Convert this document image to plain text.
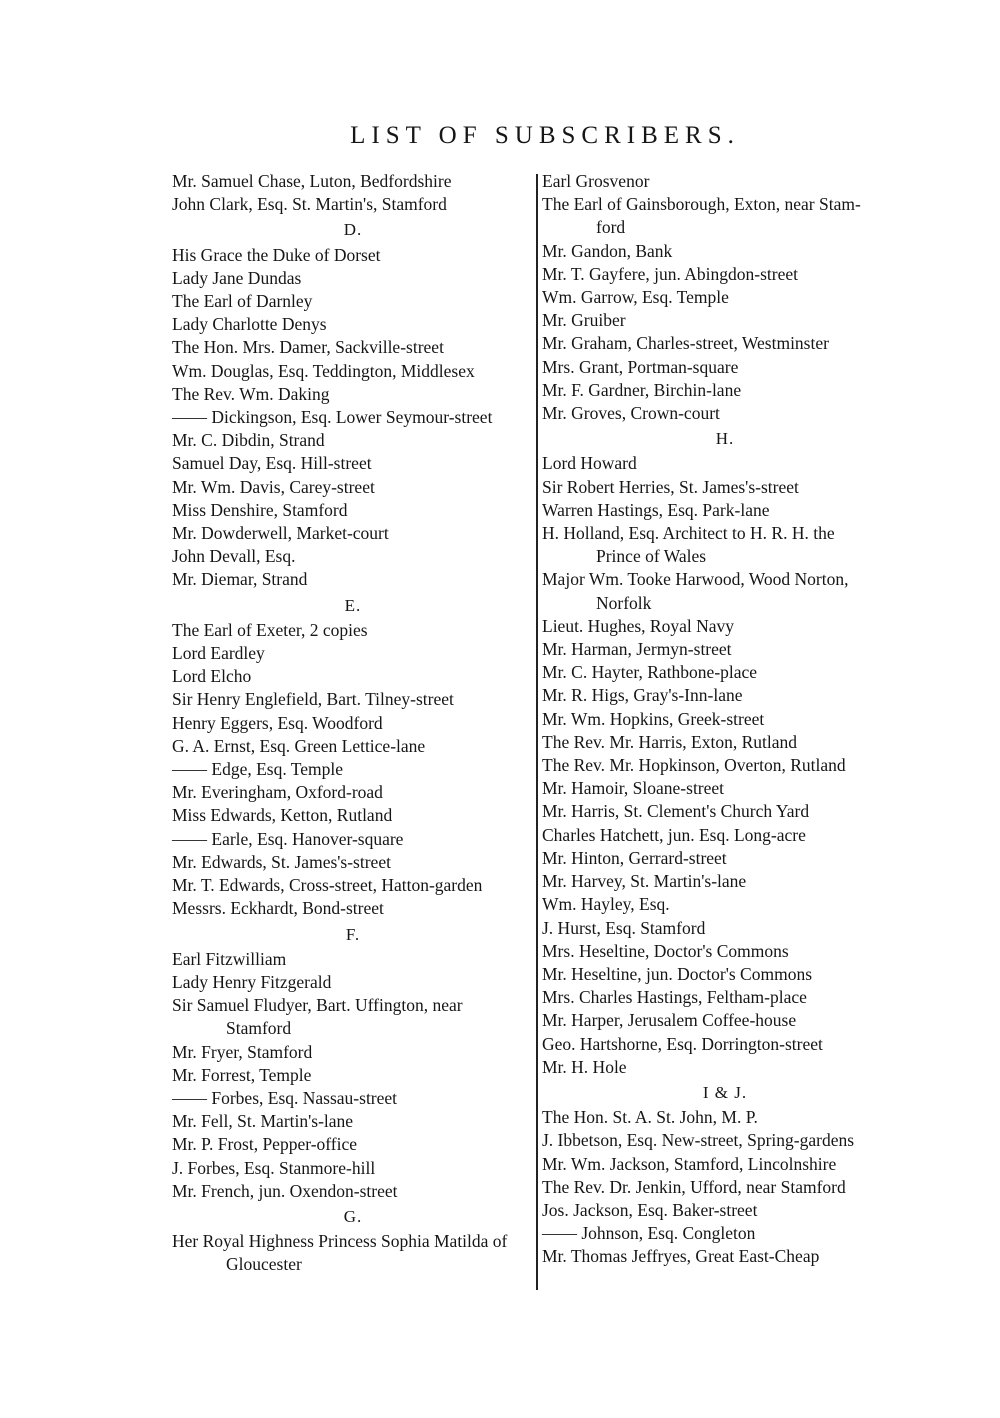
LIST OF SUBSCRIBERS.
Mr. Samuel Chase, Luton, Bedfordshire
John Clark, Esq. St. Martin's, Stamford
D.
His Grace the Duke of Dorset
Lady Jane Dundas
The Earl of Darnley
Lady Charlotte Denys
The Hon. Mrs. Damer, Sackville-street
Wm. Douglas, Esq. Teddington, Middlesex
The Rev. Wm. Daking
—— Dickingson, Esq. Lower Seymour-street
Mr. C. Dibdin, Strand
Samuel Day, Esq. Hill-street
Mr. Wm. Davis, Carey-street
Miss Denshire, Stamford
Mr. Dowderwell, Market-court
John Devall, Esq.
Mr. Diemar, Strand
E.
The Earl of Exeter, 2 copies
Lord Eardley
Lord Elcho
Sir Henry Englefield, Bart. Tilney-street
Henry Eggers, Esq. Woodford
G. A. Ernst, Esq. Green Lettice-lane
—— Edge, Esq. Temple
Mr. Everingham, Oxford-road
Miss Edwards, Ketton, Rutland
—— Earle, Esq. Hanover-square
Mr. Edwards, St. James's-street
Mr. T. Edwards, Cross-street, Hatton-garden
Messrs. Eckhardt, Bond-street
F.
Earl Fitzwilliam
Lady Henry Fitzgerald
Sir Samuel Fludyer, Bart. Uffington, near
Stamford
Mr. Fryer, Stamford
Mr. Forrest, Temple
—— Forbes, Esq. Nassau-street
Mr. Fell, St. Martin's-lane
Mr. P. Frost, Pepper-office
J. Forbes, Esq. Stanmore-hill
Mr. French, jun. Oxendon-street
G.
Her Royal Highness Princess Sophia Matilda of
Gloucester
Earl Grosvenor
The Earl of Gainsborough, Exton, near Stam-
ford
Mr. Gandon, Bank
Mr. T. Gayfere, jun. Abingdon-street
Wm. Garrow, Esq. Temple
Mr. Gruiber
Mr. Graham, Charles-street, Westminster
Mrs. Grant, Portman-square
Mr. F. Gardner, Birchin-lane
Mr. Groves, Crown-court
H.
Lord Howard
Sir Robert Herries, St. James's-street
Warren Hastings, Esq. Park-lane
H. Holland, Esq. Architect to H. R. H. the
Prince of Wales
Major Wm. Tooke Harwood, Wood Norton,
Norfolk
Lieut. Hughes, Royal Navy
Mr. Harman, Jermyn-street
Mr. C. Hayter, Rathbone-place
Mr. R. Higs, Gray's-Inn-lane
Mr. Wm. Hopkins, Greek-street
The Rev. Mr. Harris, Exton, Rutland
The Rev. Mr. Hopkinson, Overton, Rutland
Mr. Hamoir, Sloane-street
Mr. Harris, St. Clement's Church Yard
Charles Hatchett, jun. Esq. Long-acre
Mr. Hinton, Gerrard-street
Mr. Harvey, St. Martin's-lane
Wm. Hayley, Esq.
J. Hurst, Esq. Stamford
Mrs. Heseltine, Doctor's Commons
Mr. Heseltine, jun. Doctor's Commons
Mrs. Charles Hastings, Feltham-place
Mr. Harper, Jerusalem Coffee-house
Geo. Hartshorne, Esq. Dorrington-street
Mr. H. Hole
I & J.
The Hon. St. A. St. John, M. P.
J. Ibbetson, Esq. New-street, Spring-gardens
Mr. Wm. Jackson, Stamford, Lincolnshire
The Rev. Dr. Jenkin, Ufford, near Stamford
Jos. Jackson, Esq. Baker-street
—— Johnson, Esq. Congleton
Mr. Thomas Jeffryes, Great East-Cheap
